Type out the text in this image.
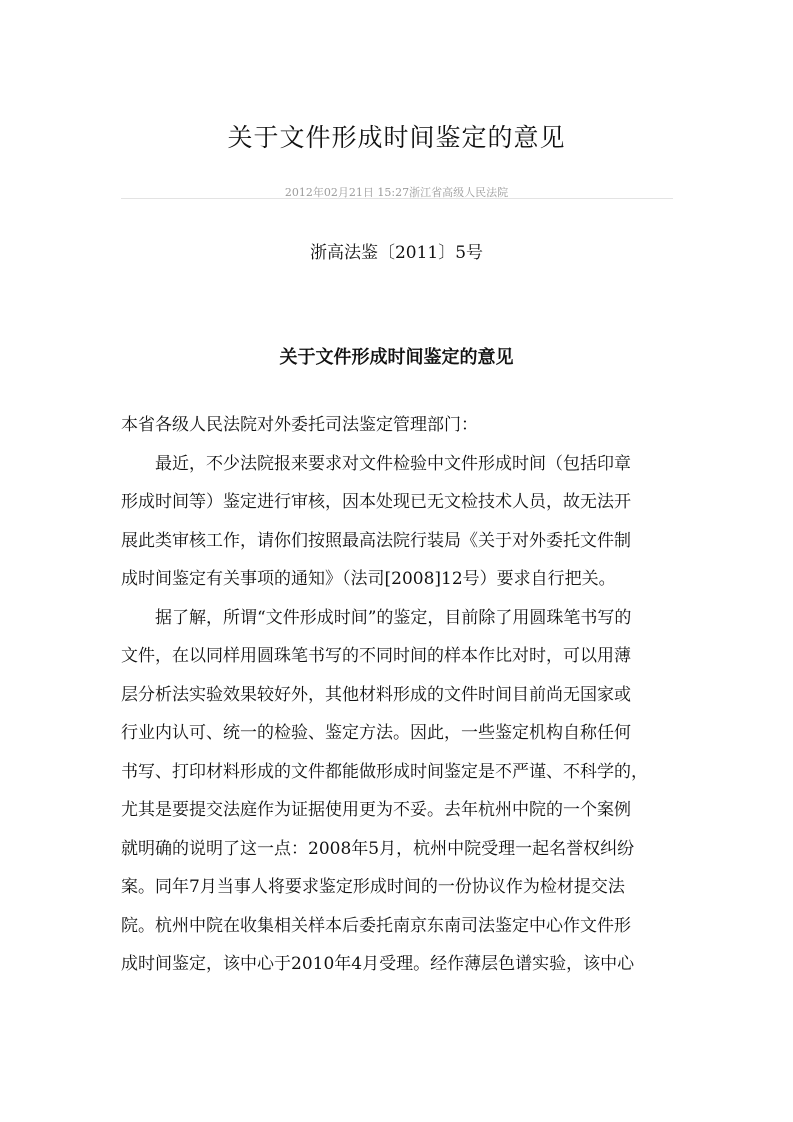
关于文件形成时间鉴定的意见
2012年02月21日 15:27浙江省高级人民法院
浙高法鉴〔2011〕5号
关于文件形成时间鉴定的意见

本省各级人民法院对外委托司法鉴定管理部门：

最近，不少法院报来要求对文件检验中文件形成时间（包括印章
形成时间等）鉴定进行审核，因本处现已无文检技术人员，故无法开
展此类审核工作，请你们按照最高法院行装局《关于对外委托文件制
成时间鉴定有关事项的通知》（法司[2008]12号）要求自行把关。

据了解，所谓“文件形成时间”的鉴定，目前除了用圆珠笔书写的
文件，在以同样用圆珠笔书写的不同时间的样本作比对时，可以用薄
层分析法实验效果较好外，其他材料形成的文件时间目前尚无国家或
行业内认可、统一的检验、鉴定方法。因此，一些鉴定机构自称任何
书写、打印材料形成的文件都能做形成时间鉴定是不严谨、不科学的，
尤其是要提交法庭作为证据使用更为不妥。去年杭州中院的一个案例
就明确的说明了这一点：2008年5月，杭州中院受理一起名誉权纠纷
案。同年7月当事人将要求鉴定形成时间的一份协议作为检材提交法
院。杭州中院在收集相关样本后委托南京东南司法鉴定中心作文件形
成时间鉴定，该中心于2010年4月受理。经作薄层色谱实验，该中心
